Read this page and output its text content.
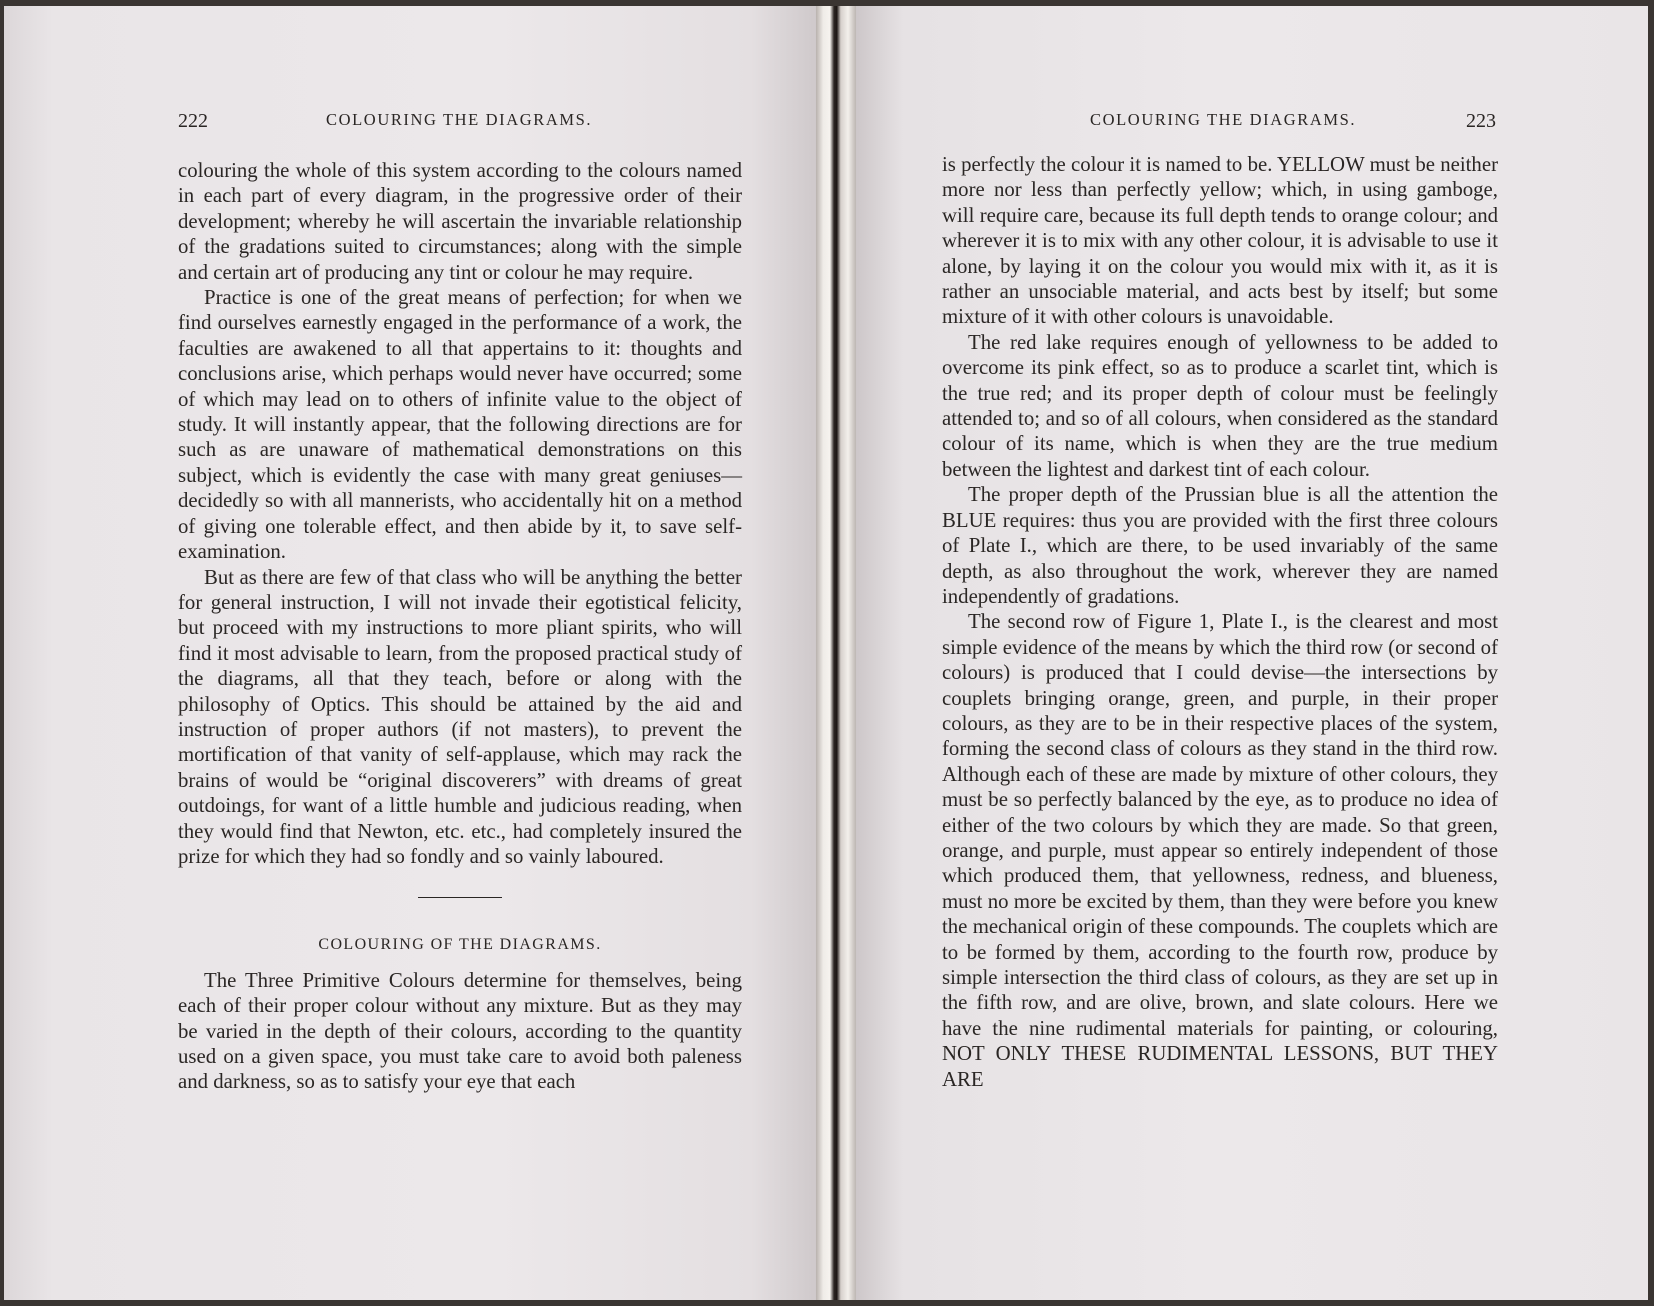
222	COLOURING THE DIAGRAMS.

colouring the whole of this system according to the colours named in each part of every diagram, in the progressive order of their development; whereby he will ascertain the invariable relationship of the gradations suited to circumstances; along with the simple and certain art of producing any tint or colour he may require.

Practice is one of the great means of perfection; for when we find ourselves earnestly engaged in the performance of a work, the faculties are awakened to all that appertains to it: thoughts and conclusions arise, which perhaps would never have occurred; some of which may lead on to others of infinite value to the object of study. It will instantly appear, that the following directions are for such as are unaware of mathematical demonstrations on this subject, which is evidently the case with many great geniuses—decidedly so with all mannerists, who accidentally hit on a method of giving one tolerable effect, and then abide by it, to save self-examination.

But as there are few of that class who will be anything the better for general instruction, I will not invade their egotistical felicity, but proceed with my instructions to more pliant spirits, who will find it most advisable to learn, from the proposed practical study of the diagrams, all that they teach, before or along with the philosophy of Optics. This should be attained by the aid and instruction of proper authors (if not masters), to prevent the mortification of that vanity of self-applause, which may rack the brains of would be “original discoverers” with dreams of great outdoings, for want of a little humble and judicious reading, when they would find that Newton, etc. etc., had completely insured the prize for which they had so fondly and so vainly laboured.

COLOURING OF THE DIAGRAMS.

The Three Primitive Colours determine for themselves, being each of their proper colour without any mixture. But as they may be varied in the depth of their colours, according to the quantity used on a given space, you must take care to avoid both paleness and darkness, so as to satisfy your eye that each

COLOURING THE DIAGRAMS.	223

is perfectly the colour it is named to be. YELLOW must be neither more nor less than perfectly yellow; which, in using gamboge, will require care, because its full depth tends to orange colour; and wherever it is to mix with any other colour, it is advisable to use it alone, by laying it on the colour you would mix with it, as it is rather an unsociable material, and acts best by itself; but some mixture of it with other colours is unavoidable.

The red lake requires enough of yellowness to be added to overcome its pink effect, so as to produce a scarlet tint, which is the true red; and its proper depth of colour must be feelingly attended to; and so of all colours, when considered as the standard colour of its name, which is when they are the true medium between the lightest and darkest tint of each colour.

The proper depth of the Prussian blue is all the attention the BLUE requires: thus you are provided with the first three colours of Plate I., which are there, to be used invariably of the same depth, as also throughout the work, wherever they are named independently of gradations.

The second row of Figure 1, Plate I., is the clearest and most simple evidence of the means by which the third row (or second of colours) is produced that I could devise—the intersections by couplets bringing orange, green, and purple, in their proper colours, as they are to be in their respective places of the system, forming the second class of colours as they stand in the third row. Although each of these are made by mixture of other colours, they must be so perfectly balanced by the eye, as to produce no idea of either of the two colours by which they are made. So that green, orange, and purple, must appear so entirely independent of those which produced them, that yellowness, redness, and blueness, must no more be excited by them, than they were before you knew the mechanical origin of these compounds. The couplets which are to be formed by them, according to the fourth row, produce by simple intersection the third class of colours, as they are set up in the fifth row, and are olive, brown, and slate colours. Here we have the nine rudimental materials for painting, or colouring, NOT ONLY THESE RUDIMENTAL LESSONS, BUT THEY ARE
